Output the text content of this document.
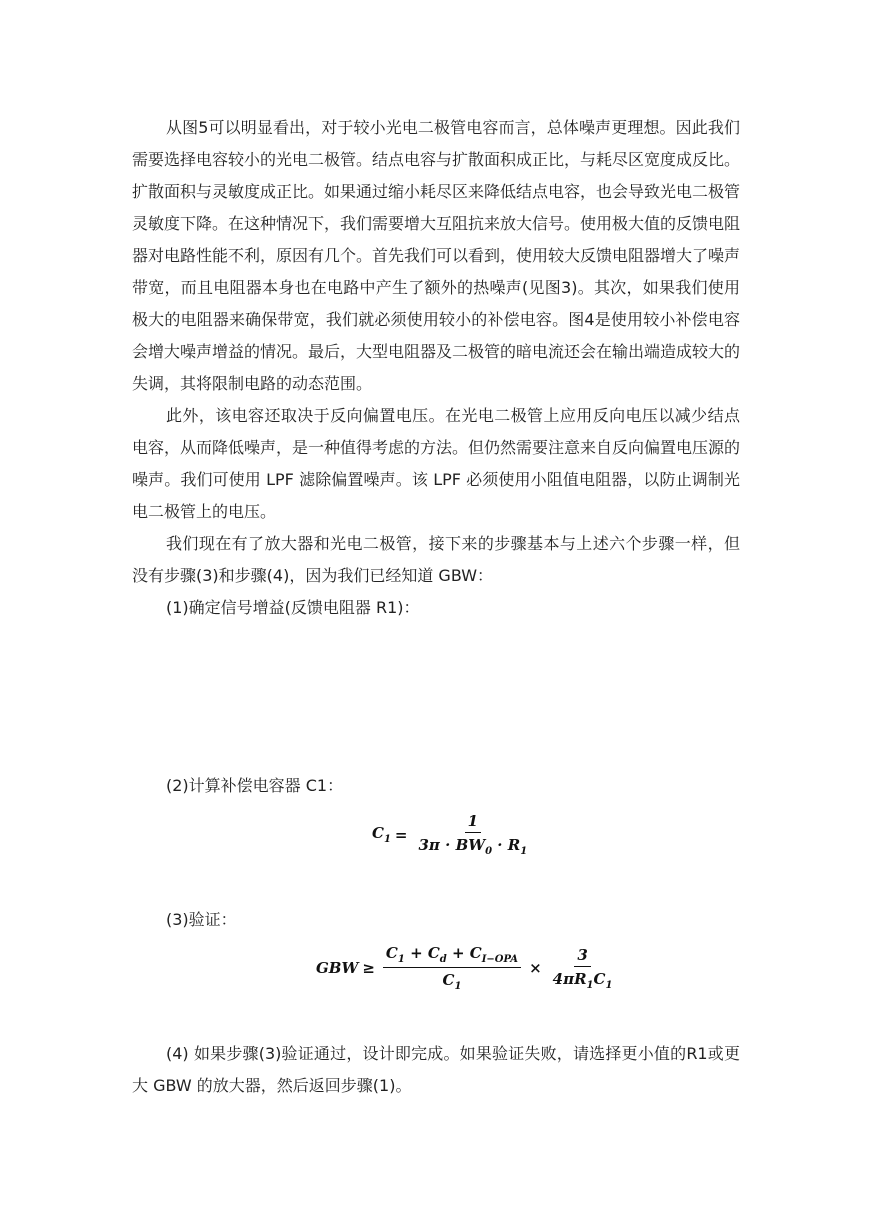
从图5可以明显看出，对于较小光电二极管电容而言，总体噪声更理想。因此我们需要选择电容较小的光电二极管。结点电容与扩散面积成正比，与耗尽区宽度成反比。扩散面积与灵敏度成正比。如果通过缩小耗尽区来降低结点电容，也会导致光电二极管灵敏度下降。在这种情况下，我们需要增大互阻抗来放大信号。使用极大值的反馈电阻器对电路性能不利，原因有几个。首先我们可以看到，使用较大反馈电阻器增大了噪声带宽，而且电阻器本身也在电路中产生了额外的热噪声(见图3)。其次，如果我们使用极大的电阻器来确保带宽，我们就必须使用较小的补偿电容。图4是使用较小补偿电容会增大噪声增益的情况。最后，大型电阻器及二极管的暗电流还会在输出端造成较大的失调，其将限制电路的动态范围。

此外，该电容还取决于反向偏置电压。在光电二极管上应用反向电压以减少结点电容，从而降低噪声，是一种值得考虑的方法。但仍然需要注意来自反向偏置电压源的噪声。我们可使用 LPF 滤除偏置噪声。该 LPF 必须使用小阻值电阻器，以防止调制光电二极管上的电压。

我们现在有了放大器和光电二极管，接下来的步骤基本与上述六个步骤一样，但没有步骤(3)和步骤(4)，因为我们已经知道 GBW：

(1)确定信号增益(反馈电阻器 R1)：

(2)计算补偿电容器 C1：

$C_1 = \frac{1}{3\pi \cdot BW_0 \cdot R_1}$

(3)验证：

GBW ≥ $\frac{C_1 + C_d + C_{I-OPA}}{C_1} \times \frac{3}{4\pi R_1C_1}$

(4) 如果步骤(3)验证通过，设计即完成。如果验证失败，请选择更小值的R1或更大 GBW 的放大器，然后返回步骤(1)。
